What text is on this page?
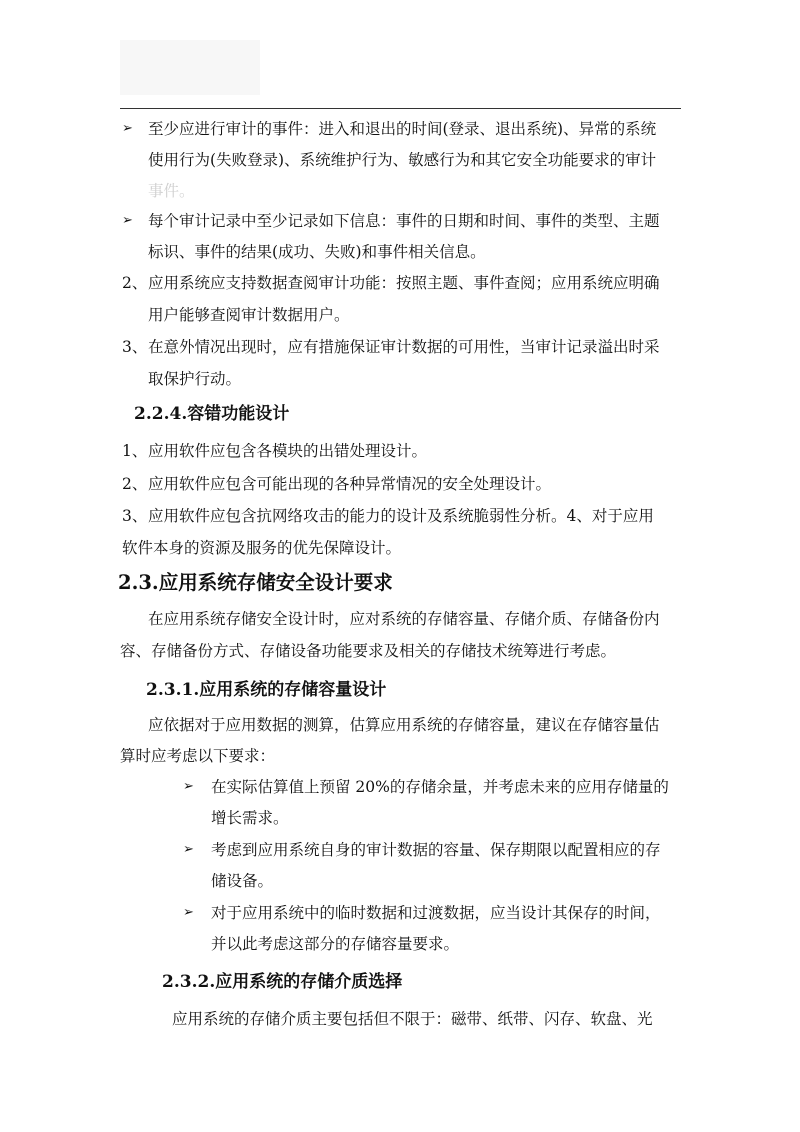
➢ 至少应进行审计的事件：进入和退出的时间(登录、退出系统)、异常的系统
使用行为(失败登录)、系统维护行为、敏感行为和其它安全功能要求的审计
事件。
➢ 每个审计记录中至少记录如下信息：事件的日期和时间、事件的类型、主题
标识、事件的结果(成功、失败)和事件相关信息。
2、 应用系统应支持数据查阅审计功能：按照主题、事件查阅；应用系统应明确
用户能够查阅审计数据用户。
3、 在意外情况出现时，应有措施保证审计数据的可用性，当审计记录溢出时采
取保护行动。
2.2.4.容错功能设计
1、 应用软件应包含各模块的出错处理设计。
2、 应用软件应包含可能出现的各种异常情况的安全处理设计。
3、 应用软件应包含抗网络攻击的能力的设计及系统脆弱性分析。4、对于应用
软件本身的资源及服务的优先保障设计。
2.3.应用系统存储安全设计要求
在应用系统存储安全设计时，应对系统的存储容量、存储介质、存储备份内
容、存储备份方式、存储设备功能要求及相关的存储技术统筹进行考虑。
2.3.1.应用系统的存储容量设计
应依据对于应用数据的测算，估算应用系统的存储容量，建议在存储容量估
算时应考虑以下要求：
➢ 在实际估算值上预留 20%的存储余量，并考虑未来的应用存储量的
增长需求。
➢ 考虑到应用系统自身的审计数据的容量、保存期限以配置相应的存
储设备。
➢ 对于应用系统中的临时数据和过渡数据，应当设计其保存的时间，
并以此考虑这部分的存储容量要求。
2.3.2.应用系统的存储介质选择
应用系统的存储介质主要包括但不限于：磁带、纸带、闪存、软盘、光
